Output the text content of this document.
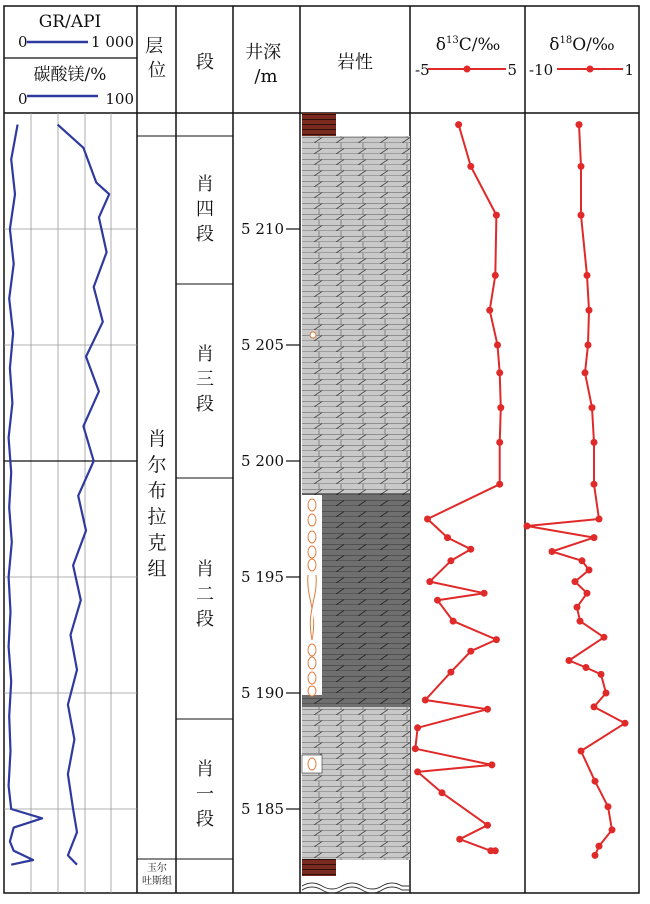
GR/API
0	1 000
碳酸镁/%
0	100
层 位 段 井深 /m
岩性
$\delta^{13}C/‰$
-5	5
$\delta^{18}O/‰$
-10	1
肖尔布拉克组
玉尔吐斯组
肖四段
肖三段
肖二段
肖一段
5 210
5 205
5 200
5 195
5 190
5 185
